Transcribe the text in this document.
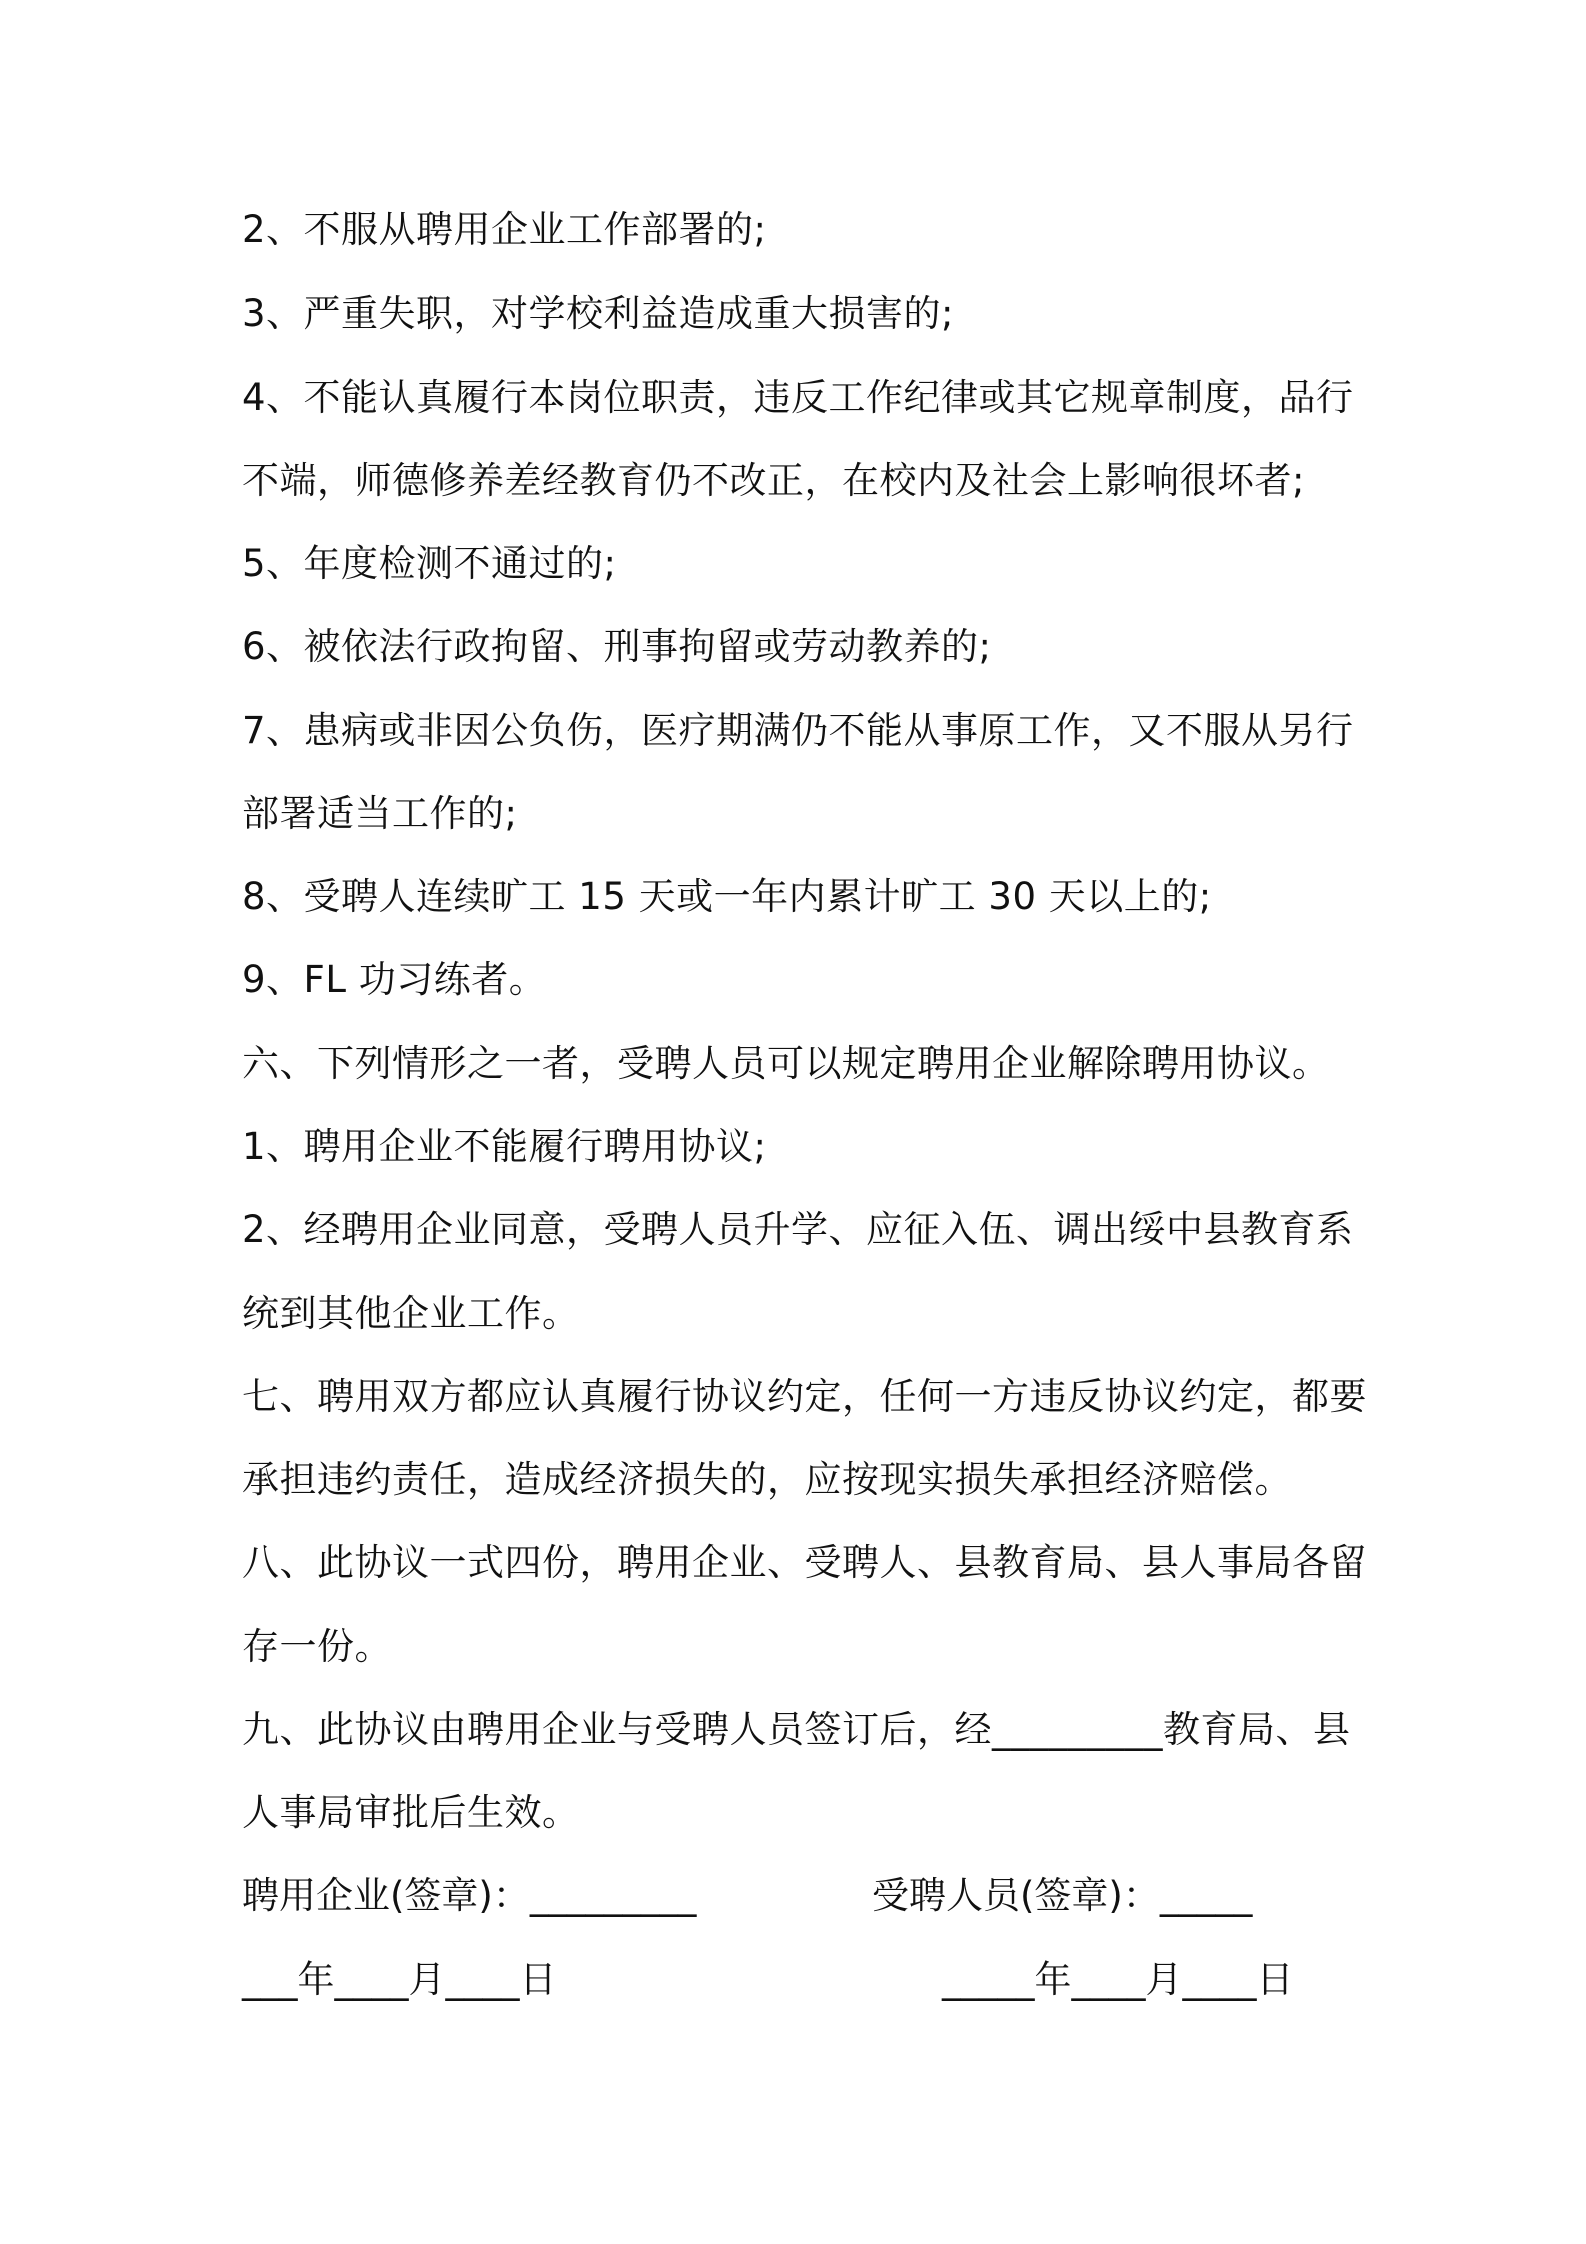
2、不服从聘用企业工作部署的;
3、严重失职，对学校利益造成重大损害的;
4、不能认真履行本岗位职责，违反工作纪律或其它规章制度，品行
不端，师德修养差经教育仍不改正，在校内及社会上影响很坏者;
5、年度检测不通过的;
6、被依法行政拘留、刑事拘留或劳动教养的;
7、患病或非因公负伤，医疗期满仍不能从事原工作，又不服从另行
部署适当工作的;
8、受聘人连续旷工 15 天或一年内累计旷工 30 天以上的;
9、FL 功习练者。
六、下列情形之一者，受聘人员可以规定聘用企业解除聘用协议。
1、聘用企业不能履行聘用协议;
2、经聘用企业同意，受聘人员升学、应征入伍、调出绥中县教育系
统到其他企业工作。
七、聘用双方都应认真履行协议约定，任何一方违反协议约定，都要
承担违约责任，造成经济损失的，应按现实损失承担经济赔偿。
八、此协议一式四份，聘用企业、受聘人、县教育局、县人事局各留
存一份。
九、此协议由聘用企业与受聘人员签订后，经_________教育局、县
人事局审批后生效。
聘用企业(签章)：_________	受聘人员(签章)：_____
___年____月____日	_____年____月____日
